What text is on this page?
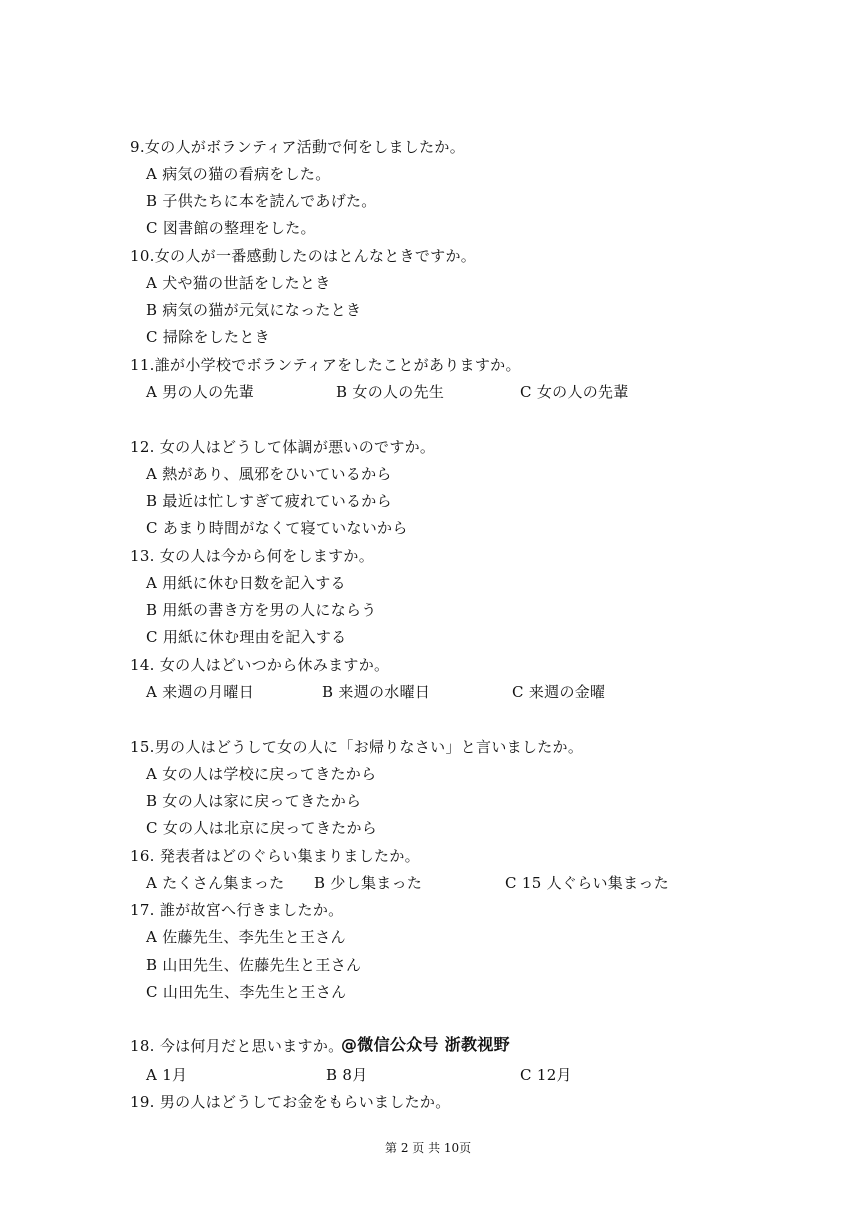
9.女の人がボランティア活動で何をしましたか。
A 病気の猫の看病をした。
B 子供たちに本を読んであげた。
C 図書館の整理をした。
10.女の人が一番感動したのはとんなときですか。
A 犬や猫の世話をしたとき
B 病気の猫が元気になったとき
C 掃除をしたとき
11.誰が小学校でボランティアをしたことがありますか。
A 男の人の先輩	B 女の人の先生	C 女の人の先輩
12. 女の人はどうして体調が悪いのですか。
A 熱があり、風邪をひいているから
B 最近は忙しすぎて疲れているから
C あまり時間がなくて寝ていないから
13. 女の人は今から何をしますか。
A 用紙に休む日数を記入する
B 用紙の書き方を男の人にならう
C 用紙に休む理由を記入する
14. 女の人はどいつから休みますか。
A 来週の月曜日	B 来週の水曜日	C 来週の金曜
15.男の人はどうして女の人に「お帰りなさい」と言いましたか。
A 女の人は学校に戻ってきたから
B 女の人は家に戻ってきたから
C 女の人は北京に戻ってきたから
16. 発表者はどのぐらい集まりましたか。
A たくさん集まった B 少し集まった	C 15 人ぐらい集まった
17. 誰が故宮へ行きましたか。
A 佐藤先生、李先生と王さん
B 山田先生、佐藤先生と王さん
C 山田先生、李先生と王さん
18. 今は何月だと思いますか。
@微信公众号 浙教视野
A 1月	B 8月	C 12月
19. 男の人はどうしてお金をもらいましたか。
第 2 页 共 10页
